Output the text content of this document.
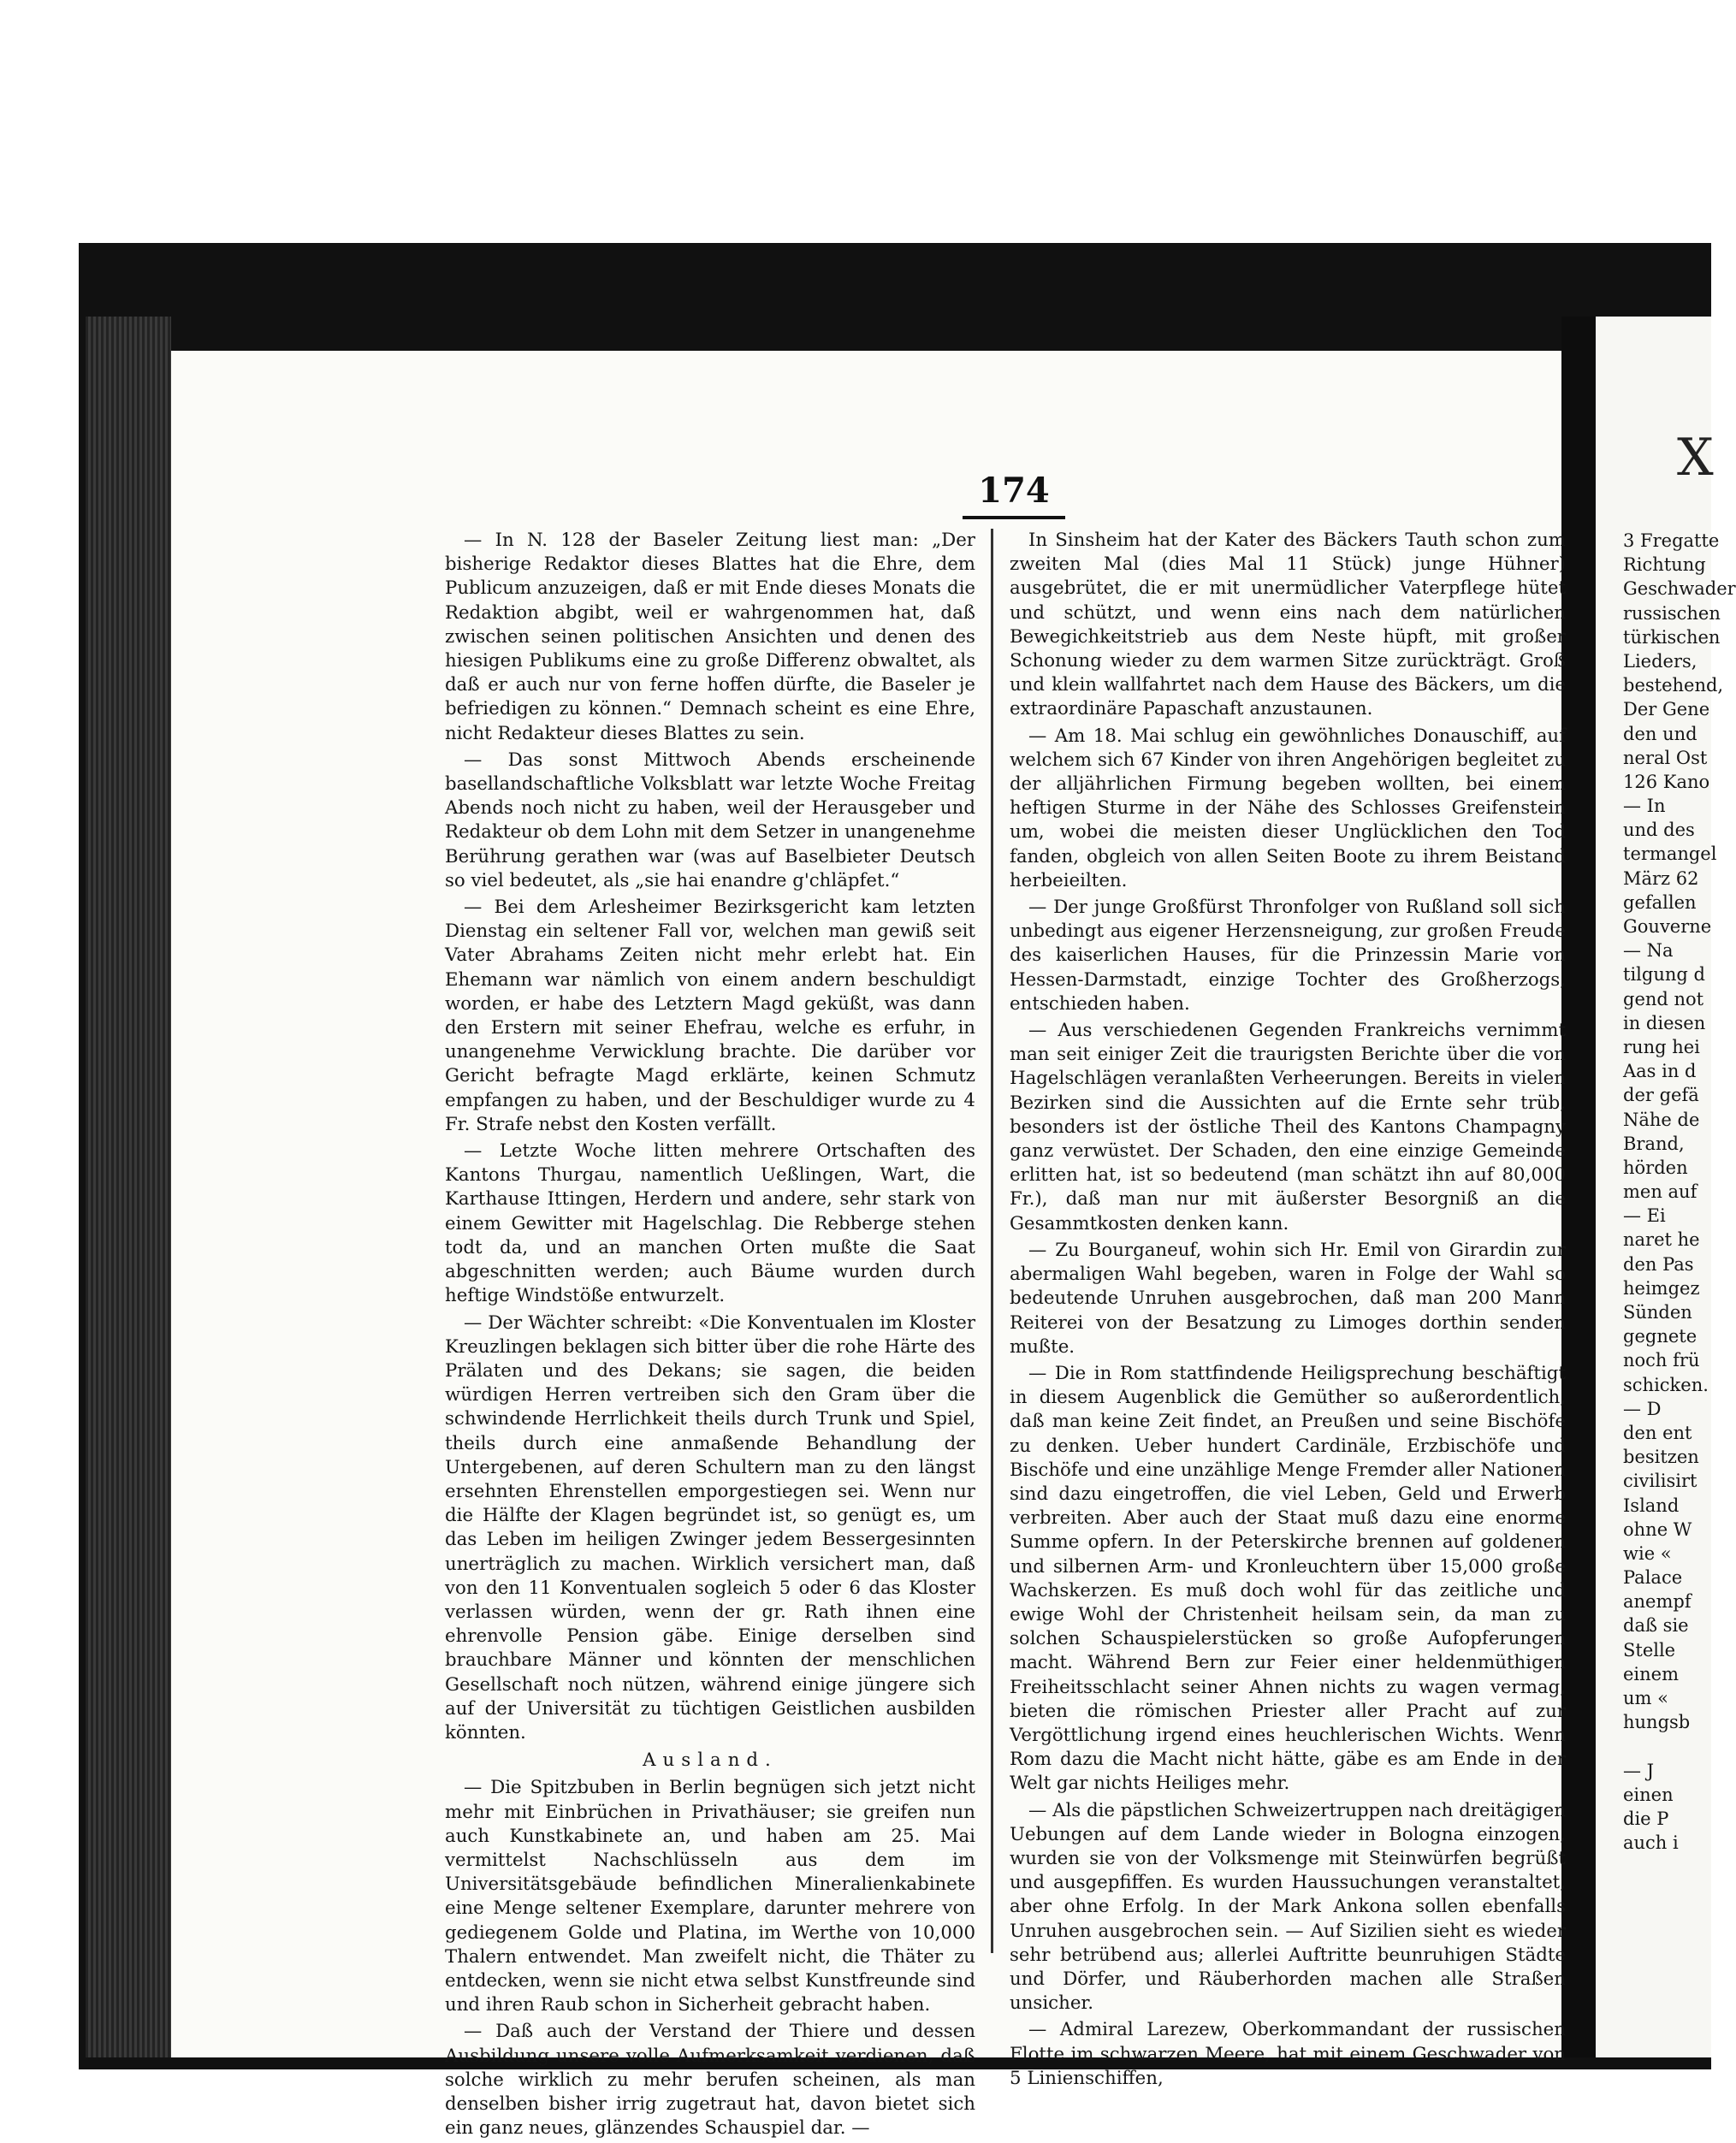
X
174

— In N. 128 der Baseler Zeitung liest man: „Der bisherige Redaktor dieses Blattes hat die Ehre, dem Publicum anzuzeigen, daß er mit Ende dieses Monats die Redaktion abgibt, weil er wahrgenommen hat, daß zwischen seinen politischen Ansichten und denen des hiesigen Publikums eine zu große Differenz obwaltet, als daß er auch nur von ferne hoffen dürfte, die Baseler je befriedigen zu können.“ Demnach scheint es eine Ehre, nicht Redakteur dieses Blattes zu sein.

— Das sonst Mittwoch Abends erscheinende basellandschaftliche Volksblatt war letzte Woche Freitag Abends noch nicht zu haben, weil der Herausgeber und Redakteur ob dem Lohn mit dem Setzer in unangenehme Berührung gerathen war (was auf Baselbieter Deutsch so viel bedeutet, als „sie hai enandre g'chläpfet.“

— Bei dem Arlesheimer Bezirksgericht kam letzten Dienstag ein seltener Fall vor, welchen man gewiß seit Vater Abrahams Zeiten nicht mehr erlebt hat. Ein Ehemann war nämlich von einem andern beschuldigt worden, er habe des Letztern Magd geküßt, was dann den Erstern mit seiner Ehefrau, welche es erfuhr, in unangenehme Verwicklung brachte. Die darüber vor Gericht befragte Magd erklärte, keinen Schmutz empfangen zu haben, und der Beschuldiger wurde zu 4 Fr. Strafe nebst den Kosten verfällt.

— Letzte Woche litten mehrere Ortschaften des Kantons Thurgau, namentlich Ueßlingen, Wart, die Karthause Ittingen, Herdern und andere, sehr stark von einem Gewitter mit Hagelschlag. Die Rebberge stehen todt da, und an manchen Orten mußte die Saat abgeschnitten werden; auch Bäume wurden durch heftige Windstöße entwurzelt.

— Der Wächter schreibt: «Die Konventualen im Kloster Kreuzlingen beklagen sich bitter über die rohe Härte des Prälaten und des Dekans; sie sagen, die beiden würdigen Herren vertreiben sich den Gram über die schwindende Herrlichkeit theils durch Trunk und Spiel, theils durch eine anmaßende Behandlung der Untergebenen, auf deren Schultern man zu den längst ersehnten Ehrenstellen emporgestiegen sei. Wenn nur die Hälfte der Klagen begründet ist, so genügt es, um das Leben im heiligen Zwinger jedem Bessergesinnten unerträglich zu machen. Wirklich versichert man, daß von den 11 Konventualen sogleich 5 oder 6 das Kloster verlassen würden, wenn der gr. Rath ihnen eine ehrenvolle Pension gäbe. Einige derselben sind brauchbare Männer und könnten der menschlichen Gesellschaft noch nützen, während einige jüngere sich auf der Universität zu tüchtigen Geistlichen ausbilden könnten.

Ausland.

— Die Spitzbuben in Berlin begnügen sich jetzt nicht mehr mit Einbrüchen in Privathäuser; sie greifen nun auch Kunstkabinete an, und haben am 25. Mai vermittelst Nachschlüsseln aus dem im Universitätsgebäude befindlichen Mineralienkabinete eine Menge seltener Exemplare, darunter mehrere von gediegenem Golde und Platina, im Werthe von 10,000 Thalern entwendet. Man zweifelt nicht, die Thäter zu entdecken, wenn sie nicht etwa selbst Kunstfreunde sind und ihren Raub schon in Sicherheit gebracht haben.

— Daß auch der Verstand der Thiere und dessen Ausbildung unsere volle Aufmerksamkeit verdienen, daß solche wirklich zu mehr berufen scheinen, als man denselben bisher irrig zugetraut hat, davon bietet sich ein ganz neues, glänzendes Schauspiel dar. —

In Sinsheim hat der Kater des Bäckers Tauth schon zum zweiten Mal (dies Mal 11 Stück) junge Hühner) ausgebrütet, die er mit unermüdlicher Vaterpflege hütet und schützt, und wenn eins nach dem natürlichen Bewegichkeitstrieb aus dem Neste hüpft, mit großer Schonung wieder zu dem warmen Sitze zurückträgt. Groß und klein wallfahrtet nach dem Hause des Bäckers, um die extraordinäre Papaschaft anzustaunen.

— Am 18. Mai schlug ein gewöhnliches Donauschiff, auf welchem sich 67 Kinder von ihren Angehörigen begleitet zu der alljährlichen Firmung begeben wollten, bei einem heftigen Sturme in der Nähe des Schlosses Greifenstein um, wobei die meisten dieser Unglücklichen den Tod fanden, obgleich von allen Seiten Boote zu ihrem Beistand herbeieilten.

— Der junge Großfürst Thronfolger von Rußland soll sich unbedingt aus eigener Herzensneigung, zur großen Freude des kaiserlichen Hauses, für die Prinzessin Marie von Hessen-Darmstadt, einzige Tochter des Großherzogs, entschieden haben.

— Aus verschiedenen Gegenden Frankreichs vernimmt man seit einiger Zeit die traurigsten Berichte über die von Hagelschlägen veranlaßten Verheerungen. Bereits in vielen Bezirken sind die Aussichten auf die Ernte sehr trüb, besonders ist der östliche Theil des Kantons Champagny ganz verwüstet. Der Schaden, den eine einzige Gemeinde erlitten hat, ist so bedeutend (man schätzt ihn auf 80,000 Fr.), daß man nur mit äußerster Besorgniß an die Gesammtkosten denken kann.

— Zu Bourganeuf, wohin sich Hr. Emil von Girardin zur abermaligen Wahl begeben, waren in Folge der Wahl so bedeutende Unruhen ausgebrochen, daß man 200 Mann Reiterei von der Besatzung zu Limoges dorthin senden mußte.

— Die in Rom stattfindende Heiligsprechung beschäftigt in diesem Augenblick die Gemüther so außerordentlich, daß man keine Zeit findet, an Preußen und seine Bischöfe zu denken. Ueber hundert Cardinäle, Erzbischöfe und Bischöfe und eine unzählige Menge Fremder aller Nationen sind dazu eingetroffen, die viel Leben, Geld und Erwerb verbreiten. Aber auch der Staat muß dazu eine enorme Summe opfern. In der Peterskirche brennen auf goldenen und silbernen Arm- und Kronleuchtern über 15,000 große Wachskerzen. Es muß doch wohl für das zeitliche und ewige Wohl der Christenheit heilsam sein, da man zu solchen Schauspielerstücken so große Aufopferungen macht. Während Bern zur Feier einer heldenmüthigen Freiheitsschlacht seiner Ahnen nichts zu wagen vermag, bieten die römischen Priester aller Pracht auf zur Vergöttlichung irgend eines heuchlerischen Wichts. Wenn Rom dazu die Macht nicht hätte, gäbe es am Ende in der Welt gar nichts Heiliges mehr.

— Als die päpstlichen Schweizertruppen nach dreitägigen Uebungen auf dem Lande wieder in Bologna einzogen, wurden sie von der Volksmenge mit Steinwürfen begrüßt und ausgepfiffen. Es wurden Haussuchungen veranstaltet, aber ohne Erfolg. In der Mark Ankona sollen ebenfalls Unruhen ausgebrochen sein. — Auf Sizilien sieht es wieder sehr betrübend aus; allerlei Auftritte beunruhigen Städte und Dörfer, und Räuberhorden machen alle Straßen unsicher.

— Admiral Larezew, Oberkommandant der russischen Flotte im schwarzen Meere, hat mit einem Geschwader von 5 Linienschiffen,

3 Fregatte
Richtung
Geschwader
russischen
türkischen
Lieders,
bestehend,
Der Gene
den und
neral Ost
126 Kano
— In
und des
termangel
März 62
gefallen
Gouverne
— Na
tilgung d
gend not
in diesen
rung hei
Aas in d
der gefä
Nähe de
Brand,
hörden
men auf
— Ei
naret he
den Pas
heimgez
Sünden
gegnete
noch frü
schicken.
— D
den ent
besitzen
civilisirt
Island
ohne W
wie «
Palace
anempf
daß sie
Stelle
einem
um «
hungsb
— J
einen
die P
auch i
